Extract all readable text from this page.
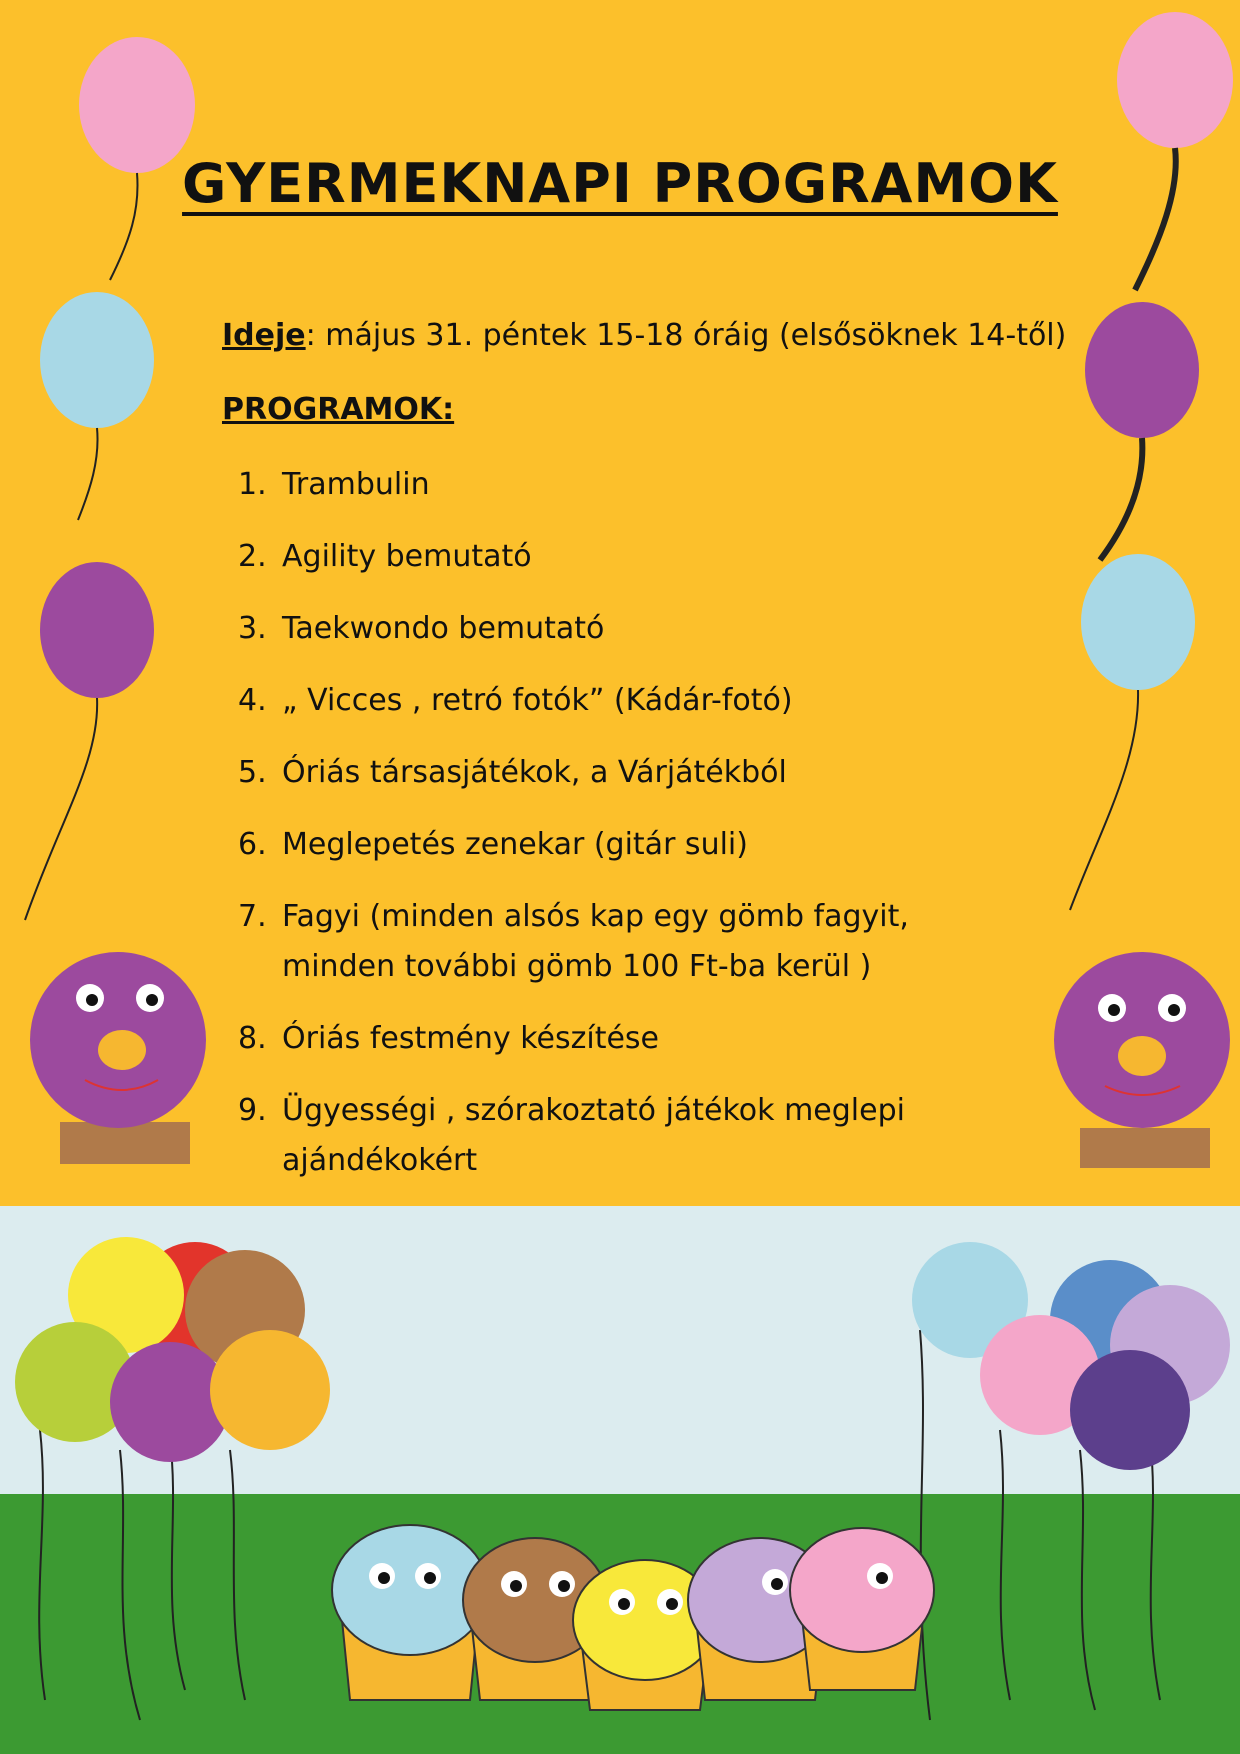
GYERMEKNAPI PROGRAMOK
Ideje: május 31. péntek 15-18 óráig (elsősöknek 14-től)
PROGRAMOK:
1. Trambulin
2. Agility bemutató
3. Taekwondo bemutató
4. „ Vicces , retró fotók” (Kádár-fotó)
5. Óriás társasjátékok, a Várjátékból
6. Meglepetés zenekar (gitár suli)
7. Fagyi (minden alsós kap egy gömb fagyit, minden további gömb 100 Ft-ba kerül )
8. Óriás festmény készítése
9. Ügyességi , szórakoztató játékok meglepi ajándékokért
